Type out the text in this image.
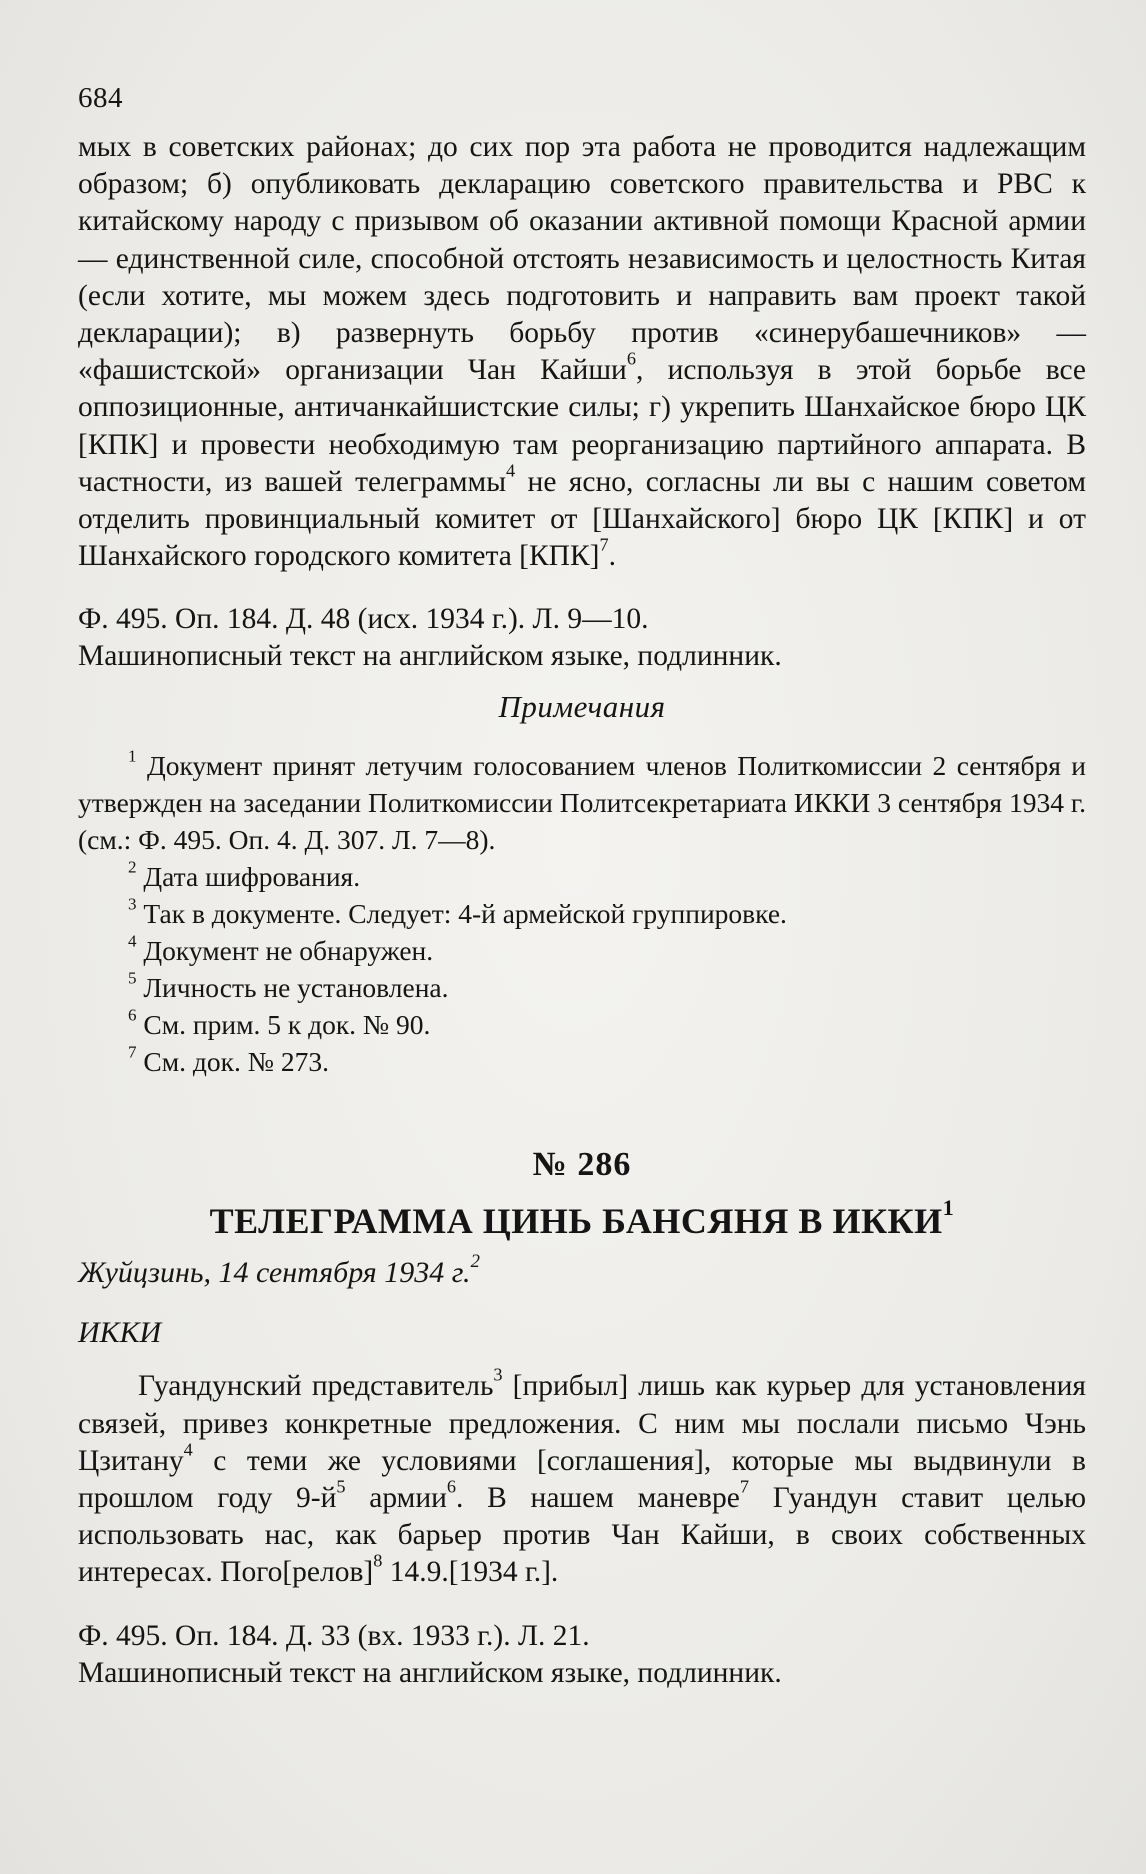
684

мых в советских районах; до сих пор эта работа не проводится надлежащим образом; б) опубликовать декларацию советского правительства и РВС к китайскому народу с призывом об оказании активной помощи Красной армии — единственной силе, способной отстоять независимость и целостность Китая (если хотите, мы можем здесь подготовить и направить вам проект такой декларации); в) развернуть борьбу против «синерубашечников» — «фашистской» организации Чан Кайши$^6$, используя в этой борьбе все оппозиционные, античанкайшистские силы; г) укрепить Шанхайское бюро ЦК [КПК] и провести необходимую там реорганизацию партийного аппарата. В частности, из вашей телеграммы$^4$ не ясно, согласны ли вы с нашим советом отделить провинциальный комитет от [Шанхайского] бюро ЦК [КПК] и от Шанхайского городского комитета [КПК]$^7$.

Ф. 495. Оп. 184. Д. 48 (исх. 1934 г.). Л. 9—10.

Машинописный текст на английском языке, подлинник.

Примечания

$^1$ Документ принят летучим голосованием членов Политкомиссии 2 сентября и утвержден на заседании Политкомиссии Политсекретариата ИККИ 3 сентября 1934 г. (см.: Ф. 495. Оп. 4. Д. 307. Л. 7—8).

$^2$ Дата шифрования.

$^3$ Так в документе. Следует: 4-й армейской группировке.

$^4$ Документ не обнаружен.

$^5$ Личность не установлена.

$^6$ См. прим. 5 к док. № 90.

$^7$ См. док. № 273.

№ 286
ТЕЛЕГРАММА ЦИНЬ БАНСЯНЯ В ИККИ$^1$
Жуйцзинь, 14 сентября 1934 г.$^2$
ИККИ

Гуандунский представитель$^3$ [прибыл] лишь как курьер для установления связей, привез конкретные предложения. С ним мы послали письмо Чэнь Цзитану$^4$ с теми же условиями [соглашения], которые мы выдвинули в прошлом году $9-й^5$ армии$^6$. В нашем маневре$^7$ Гуандун ставит целью использовать нас, как барьер против Чан Кайши, в своих собственных интересах. Пого[релов]$^8$ 14.9.[1934 г.].

Ф. 495. Оп. 184. Д. 33 (вх. 1933 г.). Л. 21.

Машинописный текст на английском языке, подлинник.
